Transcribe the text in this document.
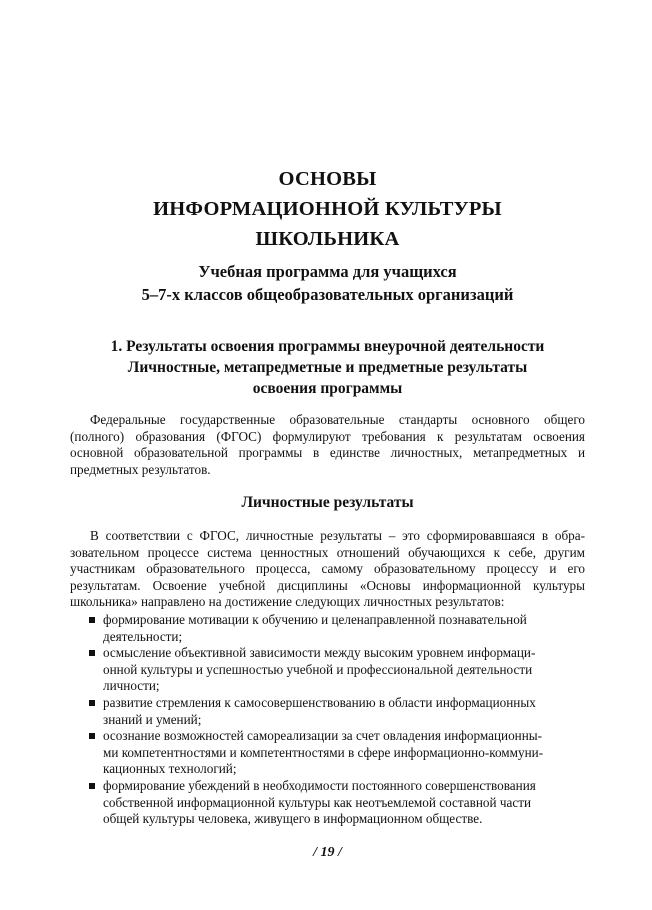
ОСНОВЫ
ИНФОРМАЦИОННОЙ КУЛЬТУРЫ
ШКОЛЬНИКА
Учебная программа для учащихся
5–7-х классов общеобразовательных организаций
1. Результаты освоения программы внеурочной деятельности
Личностные, метапредметные и предметные результаты
освоения программы

Федеральные государственные образовательные стандарты основного общего (полного) образования (ФГОС) формулируют требования к результатам освоения основной образовательной программы в единстве личностных, метапредметных и предметных результатов.

Личностные результаты
В соответствии с ФГОС, личностные результаты – это сформировавшаяся в обра-
зовательном процессе система ценностных отношений обучающихся к себе, другим
участникам образовательного процесса, самому образовательному процессу и его
результатам. Освоение учебной дисциплины «Основы информационной культуры
школьника» направлено на достижение следующих личностных результатов:
формирование мотивации к обучению и целенаправленной познавательной
деятельности;
осмысление объективной зависимости между высоким уровнем информаци-
онной культуры и успешностью учебной и профессиональной деятельности
личности;
развитие стремления к самосовершенствованию в области информационных
знаний и умений;
осознание возможностей самореализации за счет овладения информационны-
ми компетентностями и компетентностями в сфере информационно-коммуни-
кационных технологий;
формирование убеждений в необходимости постоянного совершенствования
собственной информационной культуры как неотъемлемой составной части
общей культуры человека, живущего в информационном обществе.
/ 19 /
